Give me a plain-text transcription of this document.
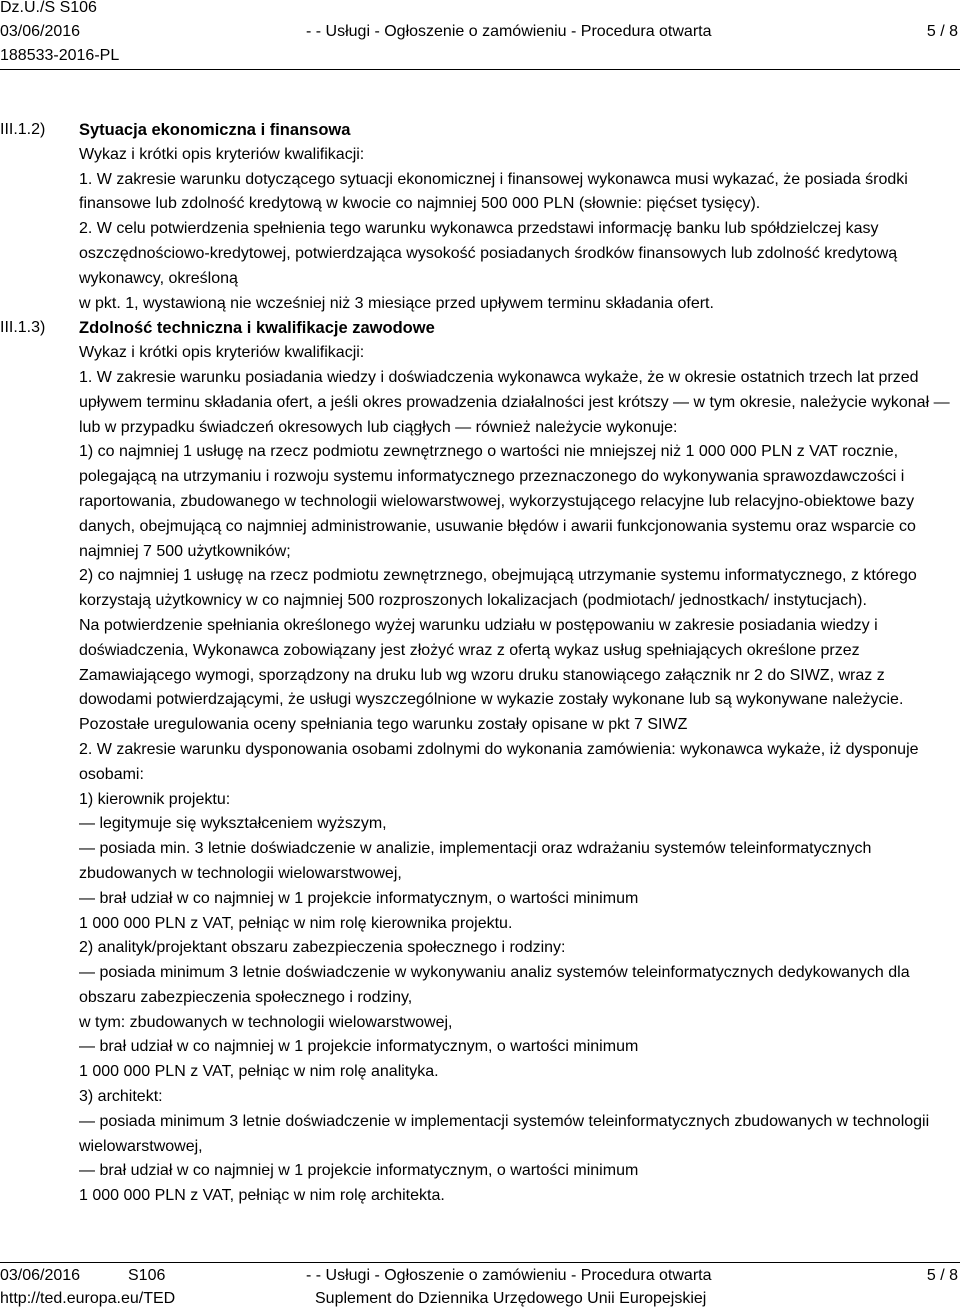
Dz.U./S S106
03/06/2016
188533-2016-PL
- - Usługi - Ogłoszenie o zamówieniu - Procedura otwarta	5 / 8
III.1.2)	Sytuacja ekonomiczna i finansowa

Wykaz i krótki opis kryteriów kwalifikacji:

1. W zakresie warunku dotyczącego sytuacji ekonomicznej i finansowej wykonawca musi wykazać, że posiada środki finansowe lub zdolność kredytową w kwocie co najmniej 500 000 PLN (słownie: pięćset tysięcy).

2. W celu potwierdzenia spełnienia tego warunku wykonawca przedstawi informację banku lub spółdzielczej kasy oszczędnościowo-kredytowej, potwierdzająca wysokość posiadanych środków finansowych lub zdolność kredytową wykonawcy, określoną

w pkt. 1, wystawioną nie wcześniej niż 3 miesiące przed upływem terminu składania ofert.

III.1.3)	Zdolność techniczna i kwalifikacje zawodowe

Wykaz i krótki opis kryteriów kwalifikacji:

1. W zakresie warunku posiadania wiedzy i doświadczenia wykonawca wykaże, że w okresie ostatnich trzech lat przed upływem terminu składania ofert, a jeśli okres prowadzenia działalności jest krótszy — w tym okresie, należycie wykonał — lub w przypadku świadczeń okresowych lub ciągłych — również należycie wykonuje:

1) co najmniej 1 usługę na rzecz podmiotu zewnętrznego o wartości nie mniejszej niż 1 000 000 PLN z VAT rocznie, polegającą na utrzymaniu i rozwoju systemu informatycznego przeznaczonego do wykonywania sprawozdawczości i raportowania, zbudowanego w technologii wielowarstwowej, wykorzystującego relacyjne lub relacyjno-obiektowe bazy danych, obejmującą co najmniej administrowanie, usuwanie błędów i awarii funkcjonowania systemu oraz wsparcie co najmniej 7 500 użytkowników;

2) co najmniej 1 usługę na rzecz podmiotu zewnętrznego, obejmującą utrzymanie systemu informatycznego, z którego korzystają użytkownicy w co najmniej 500 rozproszonych lokalizacjach (podmiotach/ jednostkach/ instytucjach).

Na potwierdzenie spełniania określonego wyżej warunku udziału w postępowaniu w zakresie posiadania wiedzy i doświadczenia, Wykonawca zobowiązany jest złożyć wraz z ofertą wykaz usług spełniających określone przez Zamawiającego wymogi, sporządzony na druku lub wg wzoru druku stanowiącego załącznik nr 2 do SIWZ, wraz z dowodami potwierdzającymi, że usługi wyszczególnione w wykazie zostały wykonane lub są wykonywane należycie. Pozostałe uregulowania oceny spełniania tego warunku zostały opisane w pkt 7 SIWZ

2. W zakresie warunku dysponowania osobami zdolnymi do wykonania zamówienia: wykonawca wykaże, iż dysponuje osobami:

1) kierownik projektu:

— legitymuje się wykształceniem wyższym,

— posiada min. 3 letnie doświadczenie w analizie, implementacji oraz wdrażaniu systemów teleinformatycznych zbudowanych w technologii wielowarstwowej,

— brał udział w co najmniej w 1 projekcie informatycznym, o wartości minimum

1 000 000 PLN z VAT, pełniąc w nim rolę kierownika projektu.

2) analityk/projektant obszaru zabezpieczenia społecznego i rodziny:

— posiada minimum 3 letnie doświadczenie w wykonywaniu analiz systemów teleinformatycznych dedykowanych dla obszaru zabezpieczenia społecznego i rodziny,

w tym: zbudowanych w technologii wielowarstwowej,

— brał udział w co najmniej w 1 projekcie informatycznym, o wartości minimum

1 000 000 PLN z VAT, pełniąc w nim rolę analityka.

3) architekt:

— posiada minimum 3 letnie doświadczenie w implementacji systemów teleinformatycznych zbudowanych w technologii wielowarstwowej,

— brał udział w co najmniej w 1 projekcie informatycznym, o wartości minimum

1 000 000 PLN z VAT, pełniąc w nim rolę architekta.

03/06/2016	S106
http://ted.europa.eu/TED
- - Usługi - Ogłoszenie o zamówieniu - Procedura otwarta
Suplement do Dziennika Urzędowego Unii Europejskiej
5 / 8
